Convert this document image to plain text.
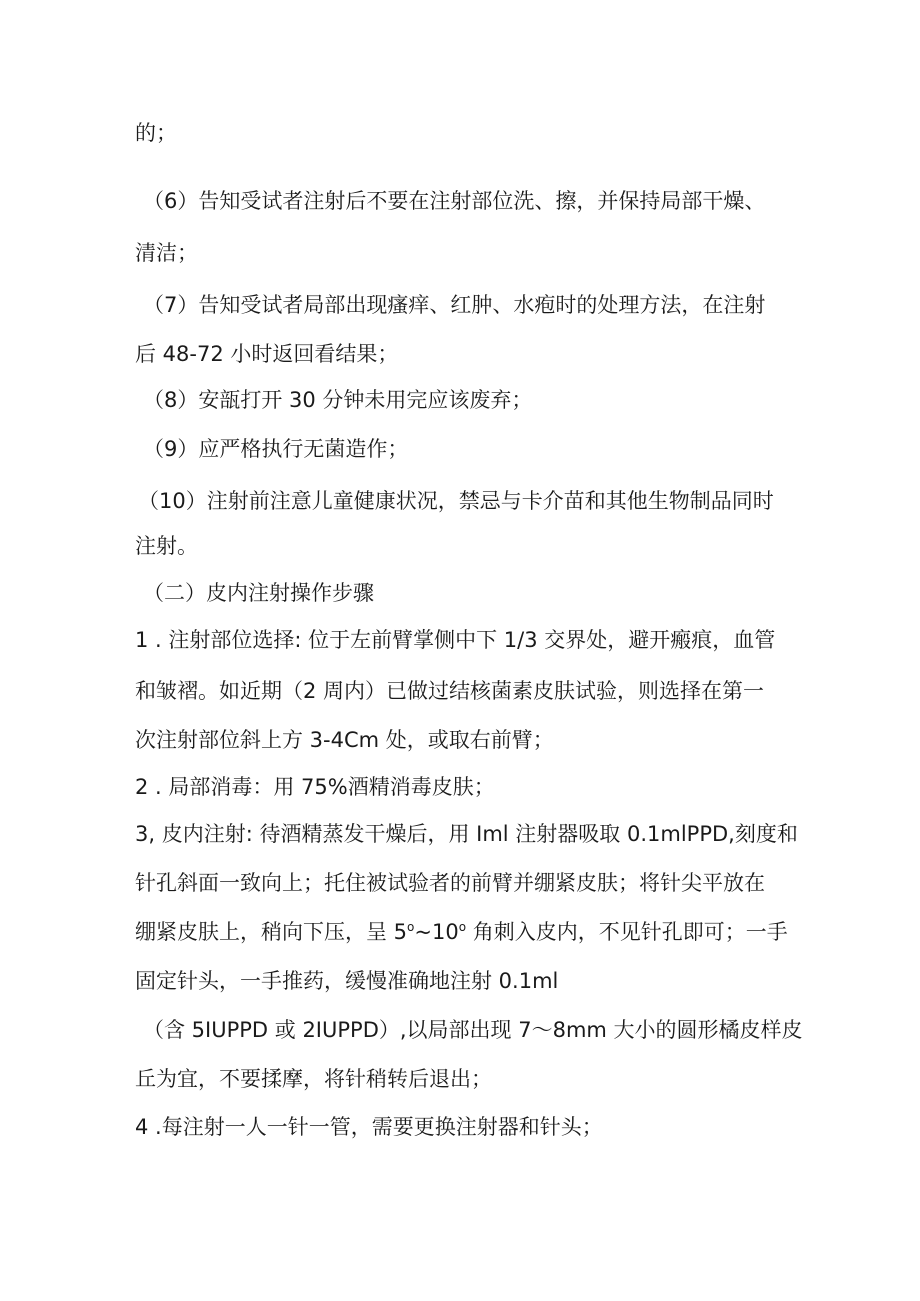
的；
（6）告知受试者注射后不要在注射部位洗、擦，并保持局部干燥、
清洁；
（7）告知受试者局部出现瘙痒、红肿、水疱时的处理方法，在注射
后 48-72 小时返回看结果；
（8）安瓿打开 30 分钟未用完应该废弃；
（9）应严格执行无菌造作；
（10）注射前注意儿童健康状况，禁忌与卡介苗和其他生物制品同时
注射。
（二）皮内注射操作步骤
1 . 注射部位选择: 位于左前臂掌侧中下 1/3 交界处，避开瘢痕，血管
和皱褶。如近期（2 周内）已做过结核菌素皮肤试验，则选择在第一
次注射部位斜上方 3-4Cm 处，或取右前臂；
2 . 局部消毒：用 75%酒精消毒皮肤；
3, 皮内注射: 待酒精蒸发干燥后，用 Iml 注射器吸取 0.1mlPPD,刻度和
针孔斜面一致向上；托住被试验者的前臂并绷紧皮肤；将针尖平放在
绷紧皮肤上，稍向下压，呈 5$^o$~10$^o$ 角刺入皮内，不见针孔即可；一手
固定针头，一手推药，缓慢准确地注射 0.1ml
（含 5IUPPD 或 2IUPPD）,以局部出现 7～8mm 大小的圆形橘皮样皮
丘为宜，不要揉摩，将针稍转后退出；
4 .每注射一人一针一管，需要更换注射器和针头；
